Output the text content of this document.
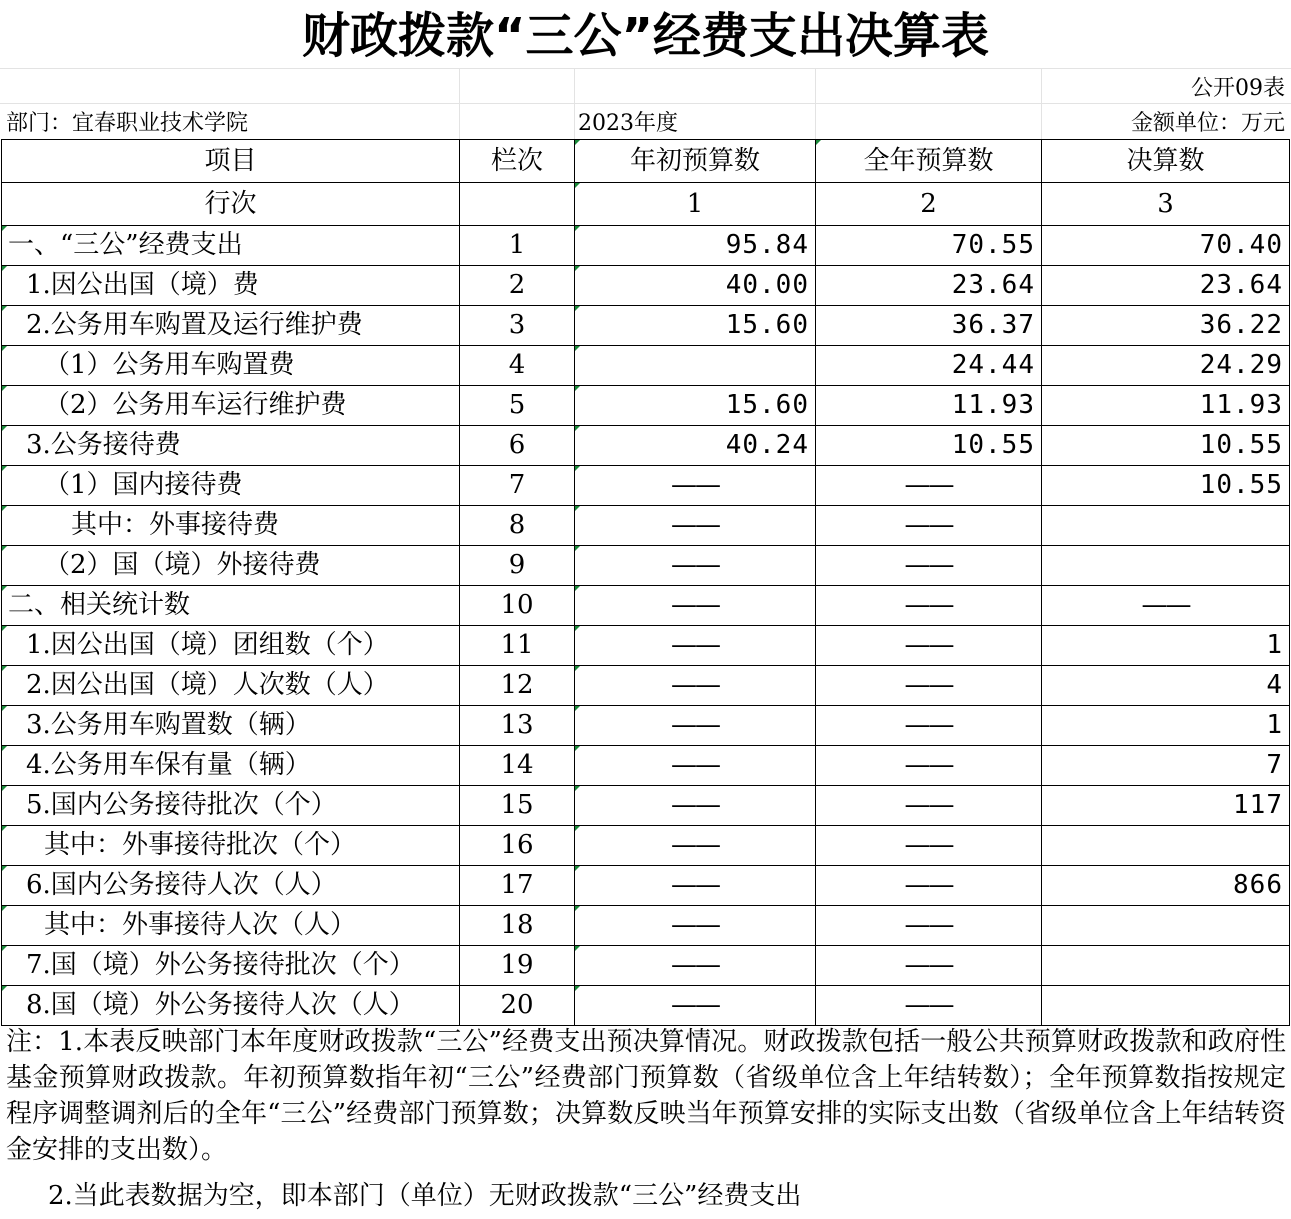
财政拨款“三公”经费支出决算表
公开09表
部门：宜春职业技术学院	2023年度	金额单位：万元
项目	栏次	年初预算数	全年预算数	决算数
行次		1	2	3
一、“三公”经费支出	1	95.84	70.55	70.40
1.因公出国（境）费	2	40.00	23.64	23.64
2.公务用车购置及运行维护费	3	15.60	36.37	36.22
（1）公务用车购置费	4		24.44	24.29
（2）公务用车运行维护费	5	15.60	11.93	11.93
3.公务接待费	6	40.24	10.55	10.55
（1）国内接待费	7	——	——	10.55
其中：外事接待费	8	——	——	
（2）国（境）外接待费	9	——	——	
二、相关统计数	10	——	——	——
1.因公出国（境）团组数（个）	11	——	——	1
2.因公出国（境）人次数（人）	12	——	——	4
3.公务用车购置数（辆）	13	——	——	1
4.公务用车保有量（辆）	14	——	——	7
5.国内公务接待批次（个）	15	——	——	117
其中：外事接待批次（个）	16	——	——	
6.国内公务接待人次（人）	17	——	——	866
其中：外事接待人次（人）	18	——	——	
7.国（境）外公务接待批次（个）	19	——	——	
8.国（境）外公务接待人次（人）	20	——	——	
注：1.本表反映部门本年度财政拨款“三公”经费支出预决算情况。财政拨款包括一般公共预算财政拨款和政府性基金预算财政拨款。年初预算数指年初“三公”经费部门预算数（省级单位含上年结转数）；全年预算数指按规定程序调整调剂后的全年“三公”经费部门预算数；决算数反映当年预算安排的实际支出数（省级单位含上年结转资金安排的支出数）。
2.当此表数据为空，即本部门（单位）无财政拨款“三公”经费支出
